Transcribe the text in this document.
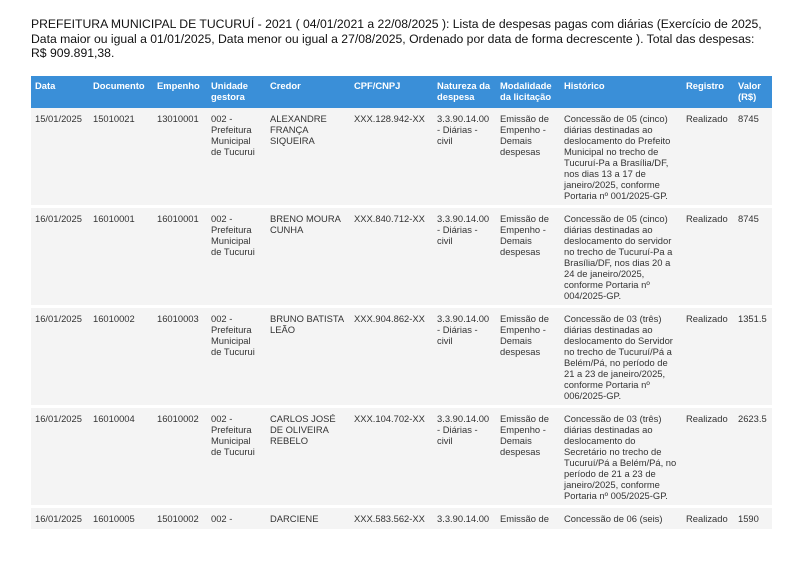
PREFEITURA MUNICIPAL DE TUCURUÍ - 2021 ( 04/01/2021 a 22/08/2025 ): Lista de despesas pagas com diárias (Exercício de 2025, Data maior ou igual a 01/01/2025, Data menor ou igual a 27/08/2025, Ordenado por data de forma decrescente ). Total das despesas: R$ 909.891,38.
Data	Documento	Empenho	Unidade gestora	Credor	CPF/CNPJ	Natureza da despesa	Modalidade da licitação	Histórico	Registro	Valor (R$)
15/01/2025	15010021	13010001	002 - Prefeitura Municipal de Tucurui	ALEXANDRE FRANÇA SIQUEIRA	XXX.128.942-XX	3.3.90.14.00 - Diárias - civil	Emissão de Empenho - Demais despesas	Concessão de 05 (cinco) diárias destinadas ao deslocamento do Prefeito Municipal no trecho de Tucuruí-Pa a Brasília/DF, nos dias 13 a 17 de janeiro/2025, conforme Portaria nº 001/2025-GP.	Realizado	8745
16/01/2025	16010001	16010001	002 - Prefeitura Municipal de Tucurui	BRENO MOURA CUNHA	XXX.840.712-XX	3.3.90.14.00 - Diárias - civil	Emissão de Empenho - Demais despesas	Concessão de 05 (cinco) diárias destinadas ao deslocamento do servidor no trecho de Tucuruí-Pa a Brasília/DF, nos dias 20 a 24 de janeiro/2025, conforme Portaria nº 004/2025-GP.	Realizado	8745
16/01/2025	16010002	16010003	002 - Prefeitura Municipal de Tucurui	BRUNO BATISTA LEÃO	XXX.904.862-XX	3.3.90.14.00 - Diárias - civil	Emissão de Empenho - Demais despesas	Concessão de 03 (três) diárias destinadas ao deslocamento do Servidor no trecho de Tucuruí/Pá a Belém/Pá, no período de 21 a 23 de janeiro/2025, conforme Portaria nº 006/2025-GP.	Realizado	1351.5
16/01/2025	16010004	16010002	002 - Prefeitura Municipal de Tucurui	CARLOS JOSÉ DE OLIVEIRA REBELO	XXX.104.702-XX	3.3.90.14.00 - Diárias - civil	Emissão de Empenho - Demais despesas	Concessão de 03 (três) diárias destinadas ao deslocamento do Secretário no trecho de Tucuruí/Pá a Belém/Pá, no período de 21 a 23 de janeiro/2025, conforme Portaria nº 005/2025-GP.	Realizado	2623.5
16/01/2025	16010005	15010002	002 -	DARCIENE	XXX.583.562-XX	3.3.90.14.00	Emissão de	Concessão de 06 (seis)	Realizado	1590
